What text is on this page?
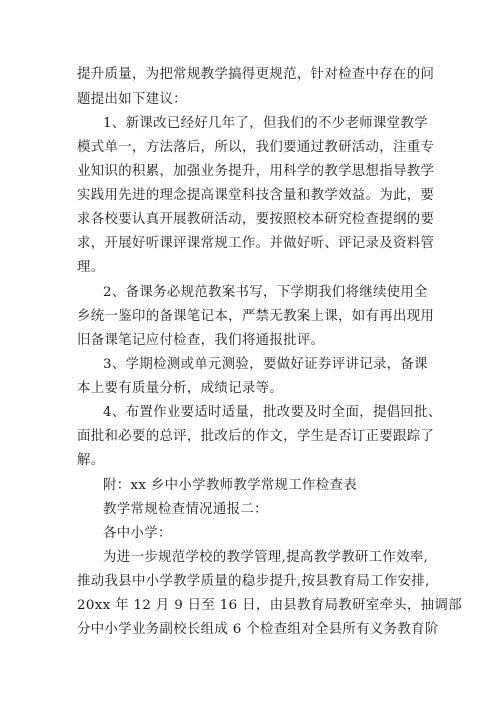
提升质量，为把常规教学搞得更规范，针对检查中存在的问
题提出如下建议：
1、新课改已经好几年了，但我们的不少老师课堂教学
模式单一，方法落后，所以，我们要通过教研活动，注重专
业知识的积累，加强业务提升，用科学的教学思想指导教学
实践用先进的理念提高课堂科技含量和教学效益。为此，要
求各校要认真开展教研活动，要按照校本研究检查提纲的要
求，开展好听课评课常规工作。并做好听、评记录及资料管
理。
2、备课务必规范教案书写，下学期我们将继续使用全
乡统一鉴印的备课笔记本，严禁无教案上课，如有再出现用
旧备课笔记应付检查，我们将通报批评。
3、学期检测或单元测验，要做好证券评讲记录，备课
本上要有质量分析，成绩记录等。
4、布置作业要适时适量，批改要及时全面，提倡回批、
面批和必要的总评，批改后的作文，学生是否订正要跟踪了
解。
附：xx 乡中小学教师教学常规工作检查表
教学常规检查情况通报二：
各中小学：
为进一步规范学校的教学管理,提高教学教研工作效率,
推动我县中小学教学质量的稳步提升,按县教育局工作安排,
20xx 年 12 月 9 日至 16 日，由县教育局教研室牵头，抽调部
分中小学业务副校长组成 6 个检查组对全县所有义务教育阶
